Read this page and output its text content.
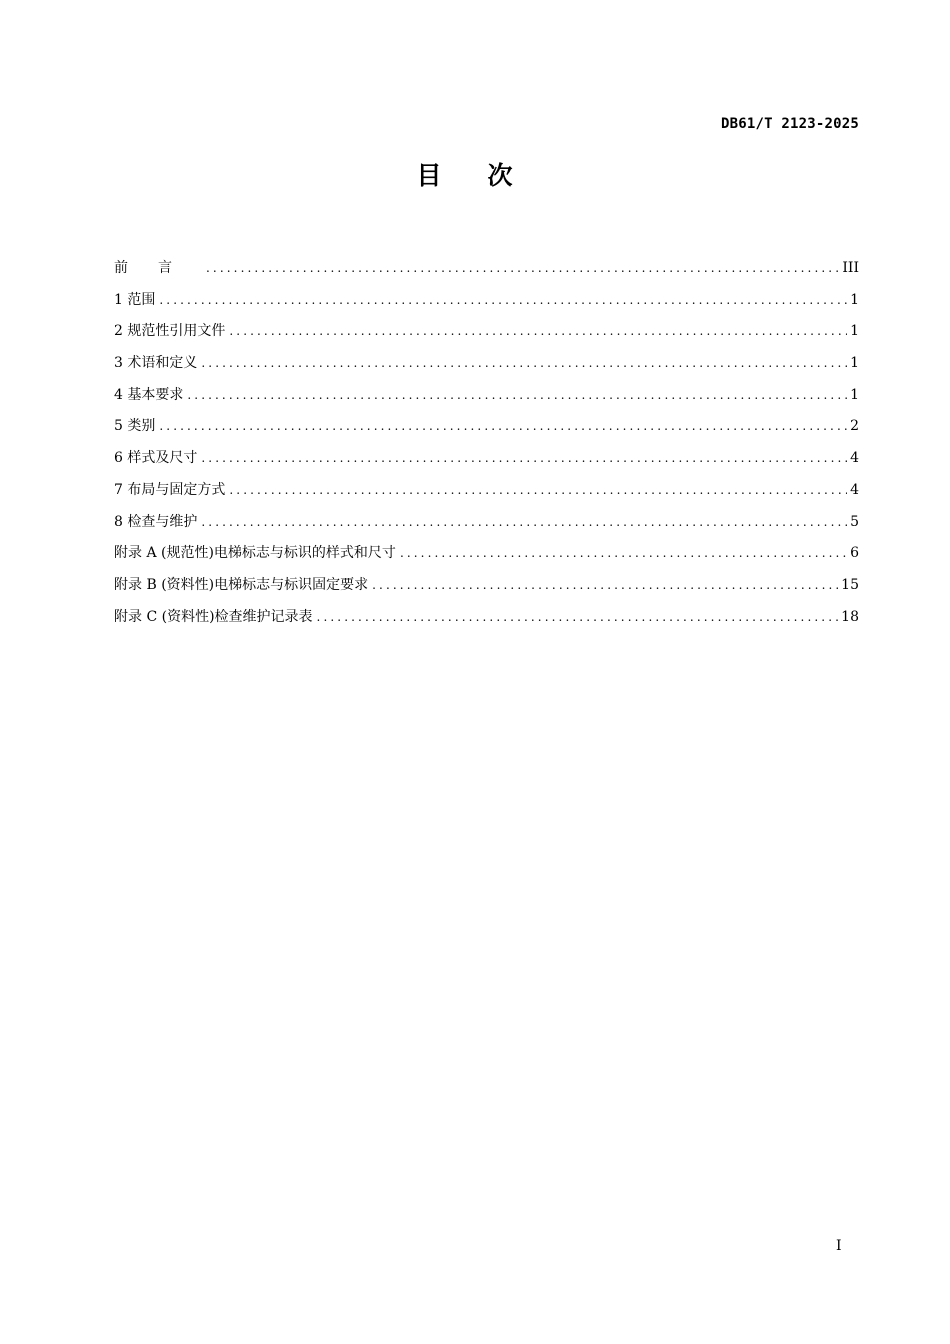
DB61/T 2123-2025
目次
前言 .....	III
1 范围 .....	1
2 规范性引用文件 .....	1
3 术语和定义 .....	1
4 基本要求 .....	1
5 类别 .....	2
6 样式及尺寸 .....	4
7 布局与固定方式 .....	4
8 检查与维护 .....	5
附录 A (规范性)电梯标志与标识的样式和尺寸 .....	6
附录 B (资料性)电梯标志与标识固定要求 .....	15
附录 C (资料性)检查维护记录表 .....	18
I
